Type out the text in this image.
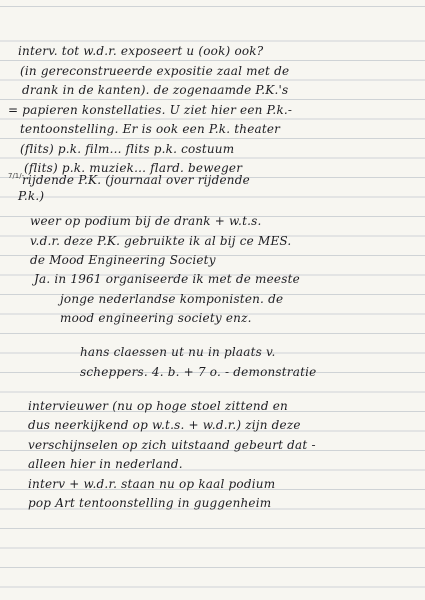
interv. tot w.d.r. exposeert u (ook) ook?

(in gereconstrueerde expositie zaal met de

drank in de kanten). de zogenaamde P.K.'s

= papieren konstellaties. U ziet hier een P.k.-

tentoonstelling. Er is ook een P.k. theater

(flits) p.k. film... flits p.k. costuum

(flits) p.k. muziek... flard. beweger

7/1/-

rijdende P.K. (journaal over rijdende

P.k.)

weer op podium bij de drank + w.t.s.

v.d.r. deze P.K. gebruikte ik al bij ce MES.

de Mood Engineering Society

Ja. in 1961 organiseerde ik met de meeste

jonge nederlandse komponisten. de

mood engineering society enz.

hans claessen ut nu in plaats v.

scheppers. 4. b. + 7 o. - demonstratie

intervieuwer (nu op hoge stoel zittend en

dus neerkijkend op w.t.s. + w.d.r.) zijn deze

verschijnselen op zich uitstaand gebeurt dat -

alleen hier in nederland.

interv + w.d.r. staan nu op kaal podium

pop Art tentoonstelling in guggenheim
